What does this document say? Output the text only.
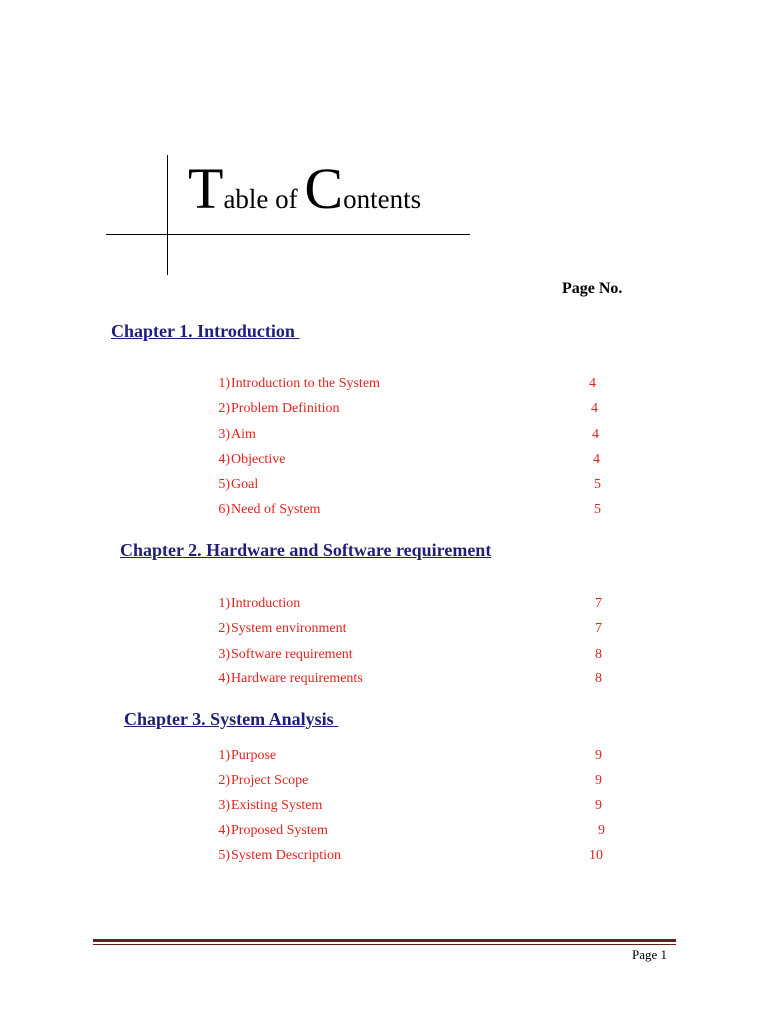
Table of Contents
Page No.
Chapter 1. Introduction
1) Introduction to the System	4
2) Problem Definition	4
3) Aim	4
4) Objective	4
5) Goal	5
6) Need of System	5
Chapter 2. Hardware and Software requirement
1) Introduction	7
2) System environment	7
3) Software requirement	8
4) Hardware requirements	8
Chapter 3. System Analysis
1) Purpose	9
2) Project Scope	9
3) Existing System	9
4) Proposed System	9
5) System Description	10
Page 1
